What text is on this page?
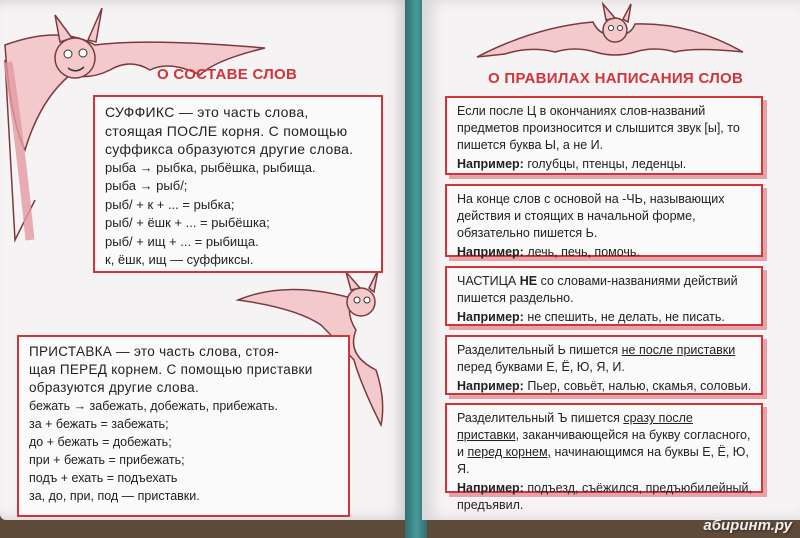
О СОСТАВЕ СЛОВ
СУФФИКС — это часть слова,
стоящая ПОСЛЕ корня. С помощью
суффикса образуются другие слова.
рыба → рыбка, рыбёшка, рыбища.
рыба → рыб/;
рыб/ + к + ... = рыбка;
рыб/ + ёшк + ... = рыбёшка;
рыб/ + ищ + ... = рыбища.
к, ёшк, ищ — суффиксы.
ПРИСТАВКА — это часть слова, стоя-
щая ПЕРЕД корнем. С помощью приставки
образуются другие слова.
бежать → забежать, добежать, прибежать.
за + бежать = забежать;
до + бежать = добежать;
при + бежать = прибежать;
подъ + ехать = подъехать
за, до, при, под — приставки.
О ПРАВИЛАХ НАПИСАНИЯ СЛОВ
Если после Ц в окончаниях слов-названий предметов произносится и слышится звук [ы], то пишется буква Ы, а не И.
Например: голубцы, птенцы, леденцы.
На конце слов с основой на -ЧЬ, называющих действия и стоящих в начальной форме, обязательно пишется Ь.
Например: лечь, печь, помочь.
ЧАСТИЦА НЕ со словами-названиями действий пишется раздельно.
Например: не спешить, не делать, не писать.
Разделительный Ь пишется не после приставки перед буквами Е, Ё, Ю, Я, И.
Например: Пьер, совьёт, налью, скамья, соловьи.
Разделительный Ъ пишется сразу после приставки, заканчивающейся на букву согласного, и перед корнем, начинающимся на буквы Е, Ё, Ю, Я.
Например: подъезд, съёжился, предъюбилейный, предъявил.
абиринт.ру
